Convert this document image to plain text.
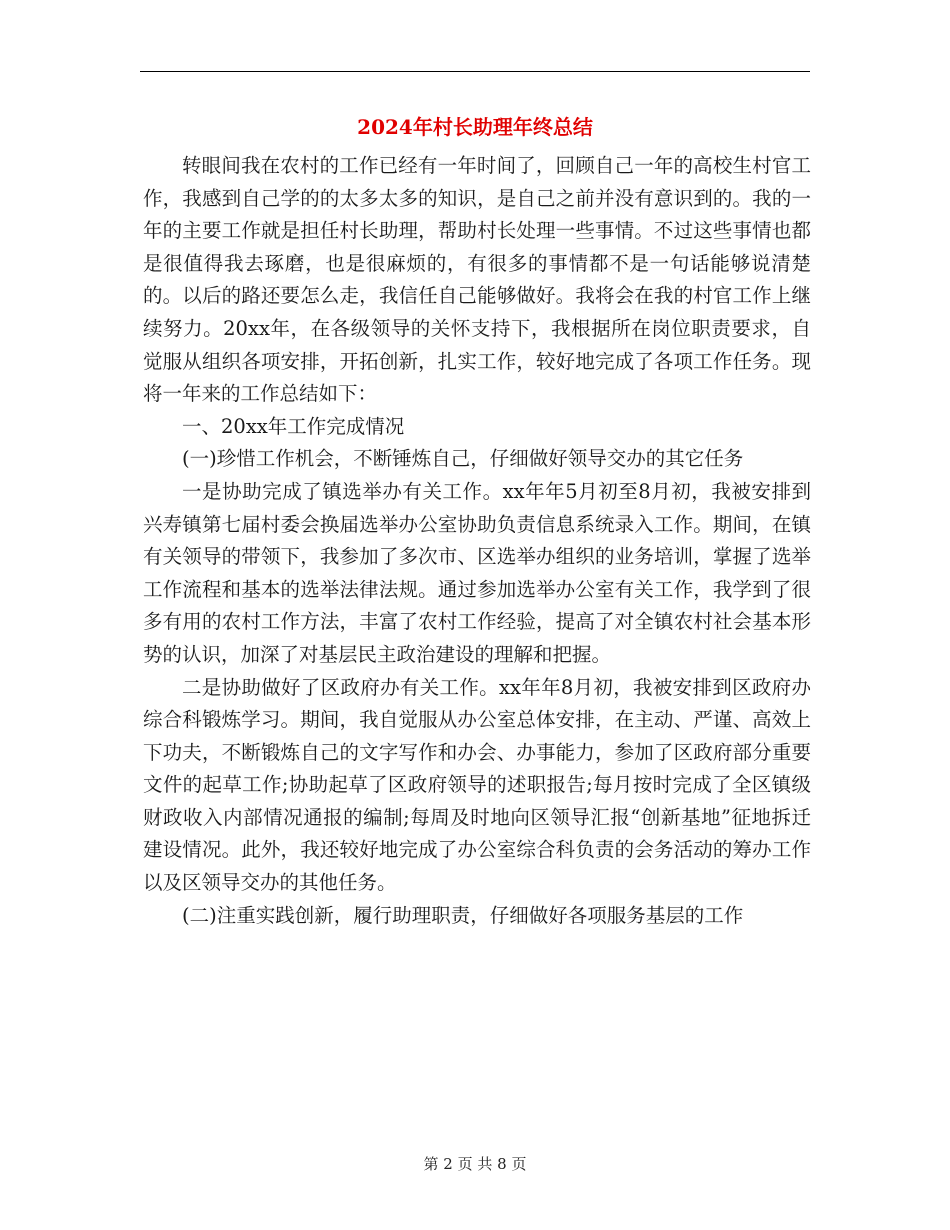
2024年村长助理年终总结

转眼间我在农村的工作已经有一年时间了，回顾自己一年的高校生村官工作，我感到自己学的的太多太多的知识，是自己之前并没有意识到的。我的一年的主要工作就是担任村长助理，帮助村长处理一些事情。不过这些事情也都是很值得我去琢磨，也是很麻烦的，有很多的事情都不是一句话能够说清楚的。以后的路还要怎么走，我信任自己能够做好。我将会在我的村官工作上继续努力。20xx年，在各级领导的关怀支持下，我根据所在岗位职责要求，自觉服从组织各项安排，开拓创新，扎实工作，较好地完成了各项工作任务。现将一年来的工作总结如下：

一、20xx年工作完成情况

(一)珍惜工作机会，不断锤炼自己，仔细做好领导交办的其它任务

一是协助完成了镇选举办有关工作。xx年年5月初至8月初，我被安排到兴寿镇第七届村委会换届选举办公室协助负责信息系统录入工作。期间，在镇有关领导的带领下，我参加了多次市、区选举办组织的业务培训，掌握了选举工作流程和基本的选举法律法规。通过参加选举办公室有关工作，我学到了很多有用的农村工作方法，丰富了农村工作经验，提高了对全镇农村社会基本形势的认识，加深了对基层民主政治建设的理解和把握。

二是协助做好了区政府办有关工作。xx年年8月初，我被安排到区政府办综合科锻炼学习。期间，我自觉服从办公室总体安排，在主动、严谨、高效上下功夫，不断锻炼自己的文字写作和办会、办事能力，参加了区政府部分重要文件的起草工作;协助起草了区政府领导的述职报告;每月按时完成了全区镇级财政收入内部情况通报的编制;每周及时地向区领导汇报“创新基地”征地拆迁建设情况。此外，我还较好地完成了办公室综合科负责的会务活动的筹办工作以及区领导交办的其他任务。

(二)注重实践创新，履行助理职责，仔细做好各项服务基层的工作

第 2 页 共 8 页
